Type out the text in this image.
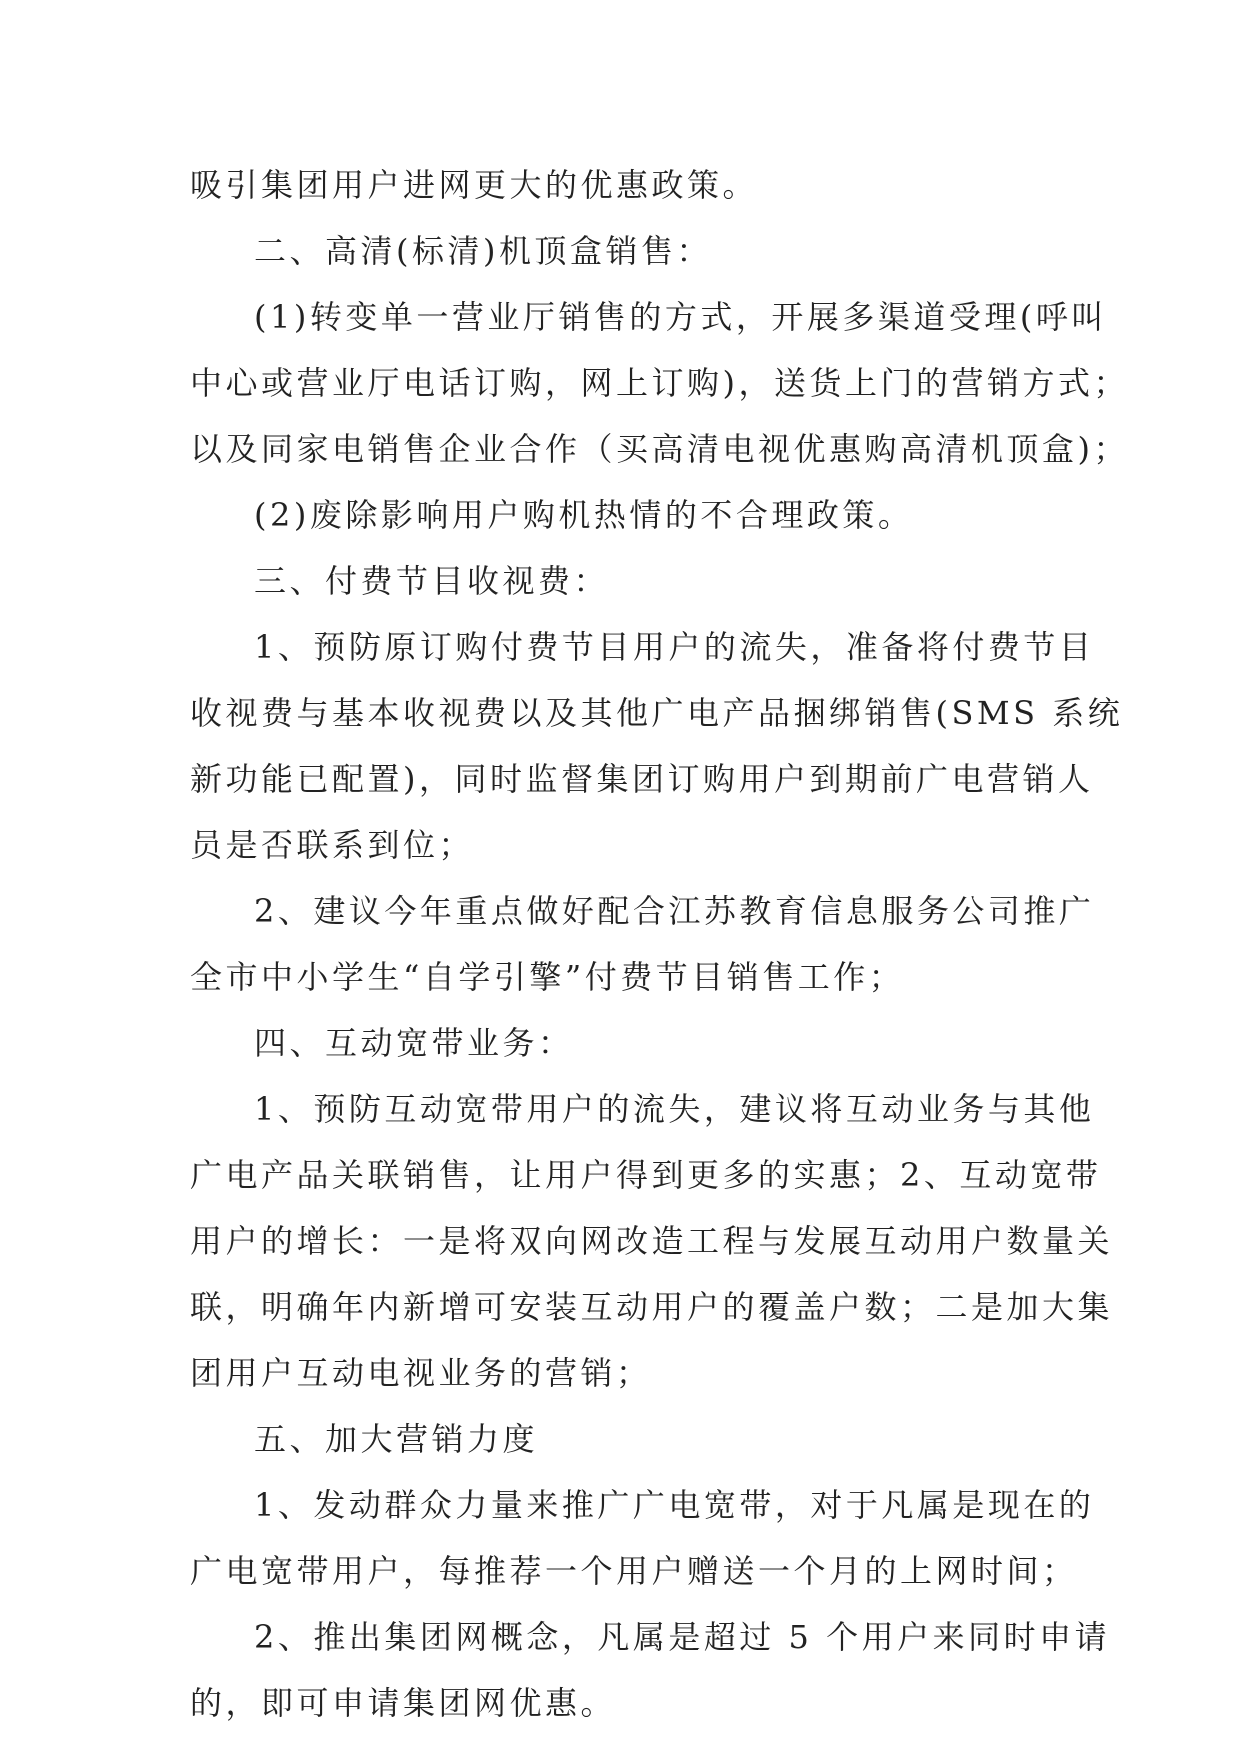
吸引集团用户进网更大的优惠政策。

二、高清(标清)机顶盒销售：

(1)转变单一营业厅销售的方式，开展多渠道受理(呼叫

中心或营业厅电话订购，网上订购)，送货上门的营销方式；

以及同家电销售企业合作（买高清电视优惠购高清机顶盒)；

(2)废除影响用户购机热情的不合理政策。

三、付费节目收视费：

1、预防原订购付费节目用户的流失，准备将付费节目

收视费与基本收视费以及其他广电产品捆绑销售(SMS 系统

新功能已配置)，同时监督集团订购用户到期前广电营销人

员是否联系到位；

2、建议今年重点做好配合江苏教育信息服务公司推广

全市中小学生“自学引擎”付费节目销售工作；

四、互动宽带业务：

1、预防互动宽带用户的流失，建议将互动业务与其他

广电产品关联销售，让用户得到更多的实惠；2、互动宽带

用户的增长：一是将双向网改造工程与发展互动用户数量关

联，明确年内新增可安装互动用户的覆盖户数；二是加大集

团用户互动电视业务的营销；

五、加大营销力度

1、发动群众力量来推广广电宽带，对于凡属是现在的

广电宽带用户，每推荐一个用户赠送一个月的上网时间；

2、推出集团网概念，凡属是超过 5 个用户来同时申请

的，即可申请集团网优惠。
